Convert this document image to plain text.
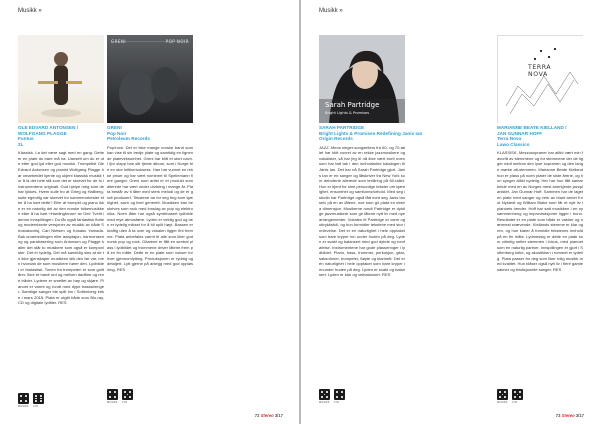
Musikk »
OLE EDVARD ANTONSEN /
WOLFGANG PLAGGE
Funtus
2L
Klassisk. La det være sagt med en gang. Dette er en plate du bare må ha. Uansett om du er ute etter god lyd eller god musikk. Trompetist Ole Edvard Antonsen og pianist Wolfgang Plagge har omarbeidet kjente og ukjent klassisk musikk for å la det hele stå som det er skrevet for de to instrumentene originalt. Gud hjelpe meg som de har lykkes. Hvem kulle tro at Grieg og Hallberg-suite egentlig var skrevet for kammerorkester etter å ha hørt dette? Eller at trompet og piano ikke er en naturlig del av den norske folkemusikken etter å ha hørt «Hardingtonar» av Geir Tveitt i denne innspillingen. Du får også fantastisk flotte og moderniserte versjoner av musikk av både Shostakovitsj, Carl Nielsen og Kosaku Yamada. Bak omarbeidingen eller adaptajon, harmonisering og parafrasering som Antonsen og Plagge kaller det står to musikere som også er komponister. Det er tydelig. Det må samtidig sies at de to ikke gjenskaper musikken slik den før var, men hvordan de som musikere hører den. Lydbildet er fantastisk. Tonen fra trompeten er som gulltårer. Ikke et hardt ord og mellom dødfine og rene tråder. Lydene er smeltet av høy og skjøre. Pianoet er varmt og rundt med dype bassstrenger. Samtlige sanger ble spilt inn i Sofienberg kirke i mars 2015. Plata er utgitt både som Blu-ray, CD og digitale lydfiler. RES
MUSIKK LYD
GRENI	POP NOIR
GRENI
Pop Noir
Petroleum Records
Pop/rock. Det er ikke mange norske band som kan vise til sin tredje plate og samtidig en lignende platevirksomhet. Greni har blitt et stort navn. I fjor slapp han sitt fjerde album, som i Norge ble en stor kritikersuksess. Han har vunnet en rekke priser og har vært nominert til Spellemann flere ganger. Greni som artist er et produkt som allerede har vært under utvikling i mange år. Plata består av ti låter med sterk melodi og de er godt produsert. Tekstene tar for seg ting som kjærlighet, savn og livet generelt. Musikken kan beskrives som rock med innslag av pop og elektronika. Noen låter har også synthbasert lydbilde med mye atmosfære. Lyden er veldig god og den er tydelig mikset for å bli spilt høyt. Bassen er kraftig uten å ta over og vokalen ligger fint fremme. Plata anbefales varmt til alle som liker god norsk pop og rock. Gitarene er fått en sentral plass i lydbildet og trommene driver låtene frem på en fin måte. Dette er en plate som vokser for hver gjennomlytting. Produksjonen er ryddig og detaljert. Lytt gjerne på anlegg med god oppløsning. RES
MUSIKK LYD
72 Stereo 3/17
Musikk »
Sarah Partridge
Bright Lights & Promises
SARAH PARTRIDGE
Bright Lights & Promises Redefining Janis Ian
Origin Records
JAZZ. Mens singer-songwriters fra 60- og 70-tallet har blitt covret av en rekke jazzmusikere og vokalister, så har jeg til nå ikke vært borti noen som har tatt tak i den innholdsrike katalogen til Janis Ian. Det har nå Sarah Partridge gjort. Janis Ian er en sanger og låtskriver fra New York som debuterte allerede som tenåring på 60-tallet. Hun er kjent for sine personlige tekster om kjærlighet, ensomhet og samfunnsforhold. Med seg i studio har Partridge også fått med seg Janis Ian selv på en av låtene, noe som gir plata en ekstra dimensjon. Musikerne rundt Partridge er dyktige jazzmusikere som gir låtene nytt liv med nye arrangementer. Vokalen til Partridge er varm og uttrykksfull, og hun formidler tekstene med stor innlevelse. Det er en naturlighet i hele opptaket som bare kryper inn under huden på deg. Lyden er svakt og balansert med god dybde og romfølelse. Instrumentene har gode plasseringer i lydbildet. Piano, bass, trommer, perkusjon, gitar, saksofoner, trompeter, fløyte og klarinett. Det er en naturlighet i hele opptaket som bare kryper innunder huden på deg. Lyden er svakt og balansert. Lyden er klar og velbalansert. RES
MUSIKK LYD
TERRA NOVA
MARIANNE BEATE KIELLAND /
JAN GUNNAR HOFF
Terra Nova
Lawo Classics
KLASSISK. Mezzosopraner har alltid vært min favoritt av stemmene og for stemmene der de ligger midt mellom den lyse sopranen og den lange mørke alt-stemmen. Marianne Beate Kielland hun er plass på noen plater de siste årene, og hun synger alltid nydelig. Her har hun fått samarbeide med en av Norges mest anerkjente jazzpianister, Jan Gunnar Hoff. Sammen har de laget en plate med sanger og verk av blant annet Knut Nystedt og William Blake som får et nytt liv i pianoets hender. Hoff har satt musikken i en ny sammenheng og improvisasjoner ligger i bunn. Resultatet er en plate som både er vakker og nærmest svævende. Kiellands stemme er klar og ren, og hun klarer å formidle tekstenes innhold på en fin måte. Lydmessig er dette en plate som virkelig setter stemmen i fokus, med pianoet som en naturlig partner. Innspillingen er gjort i Sofienberg kirke, og akustikken i rommet er tydelig. Plata passer for deg som liker rolig musikk med kvalitet. Hun blåser også nytt liv i flere gamle salmer og tradisjonelle sanger. RES
MUSIKK LYD
73 Stereo 3/17
